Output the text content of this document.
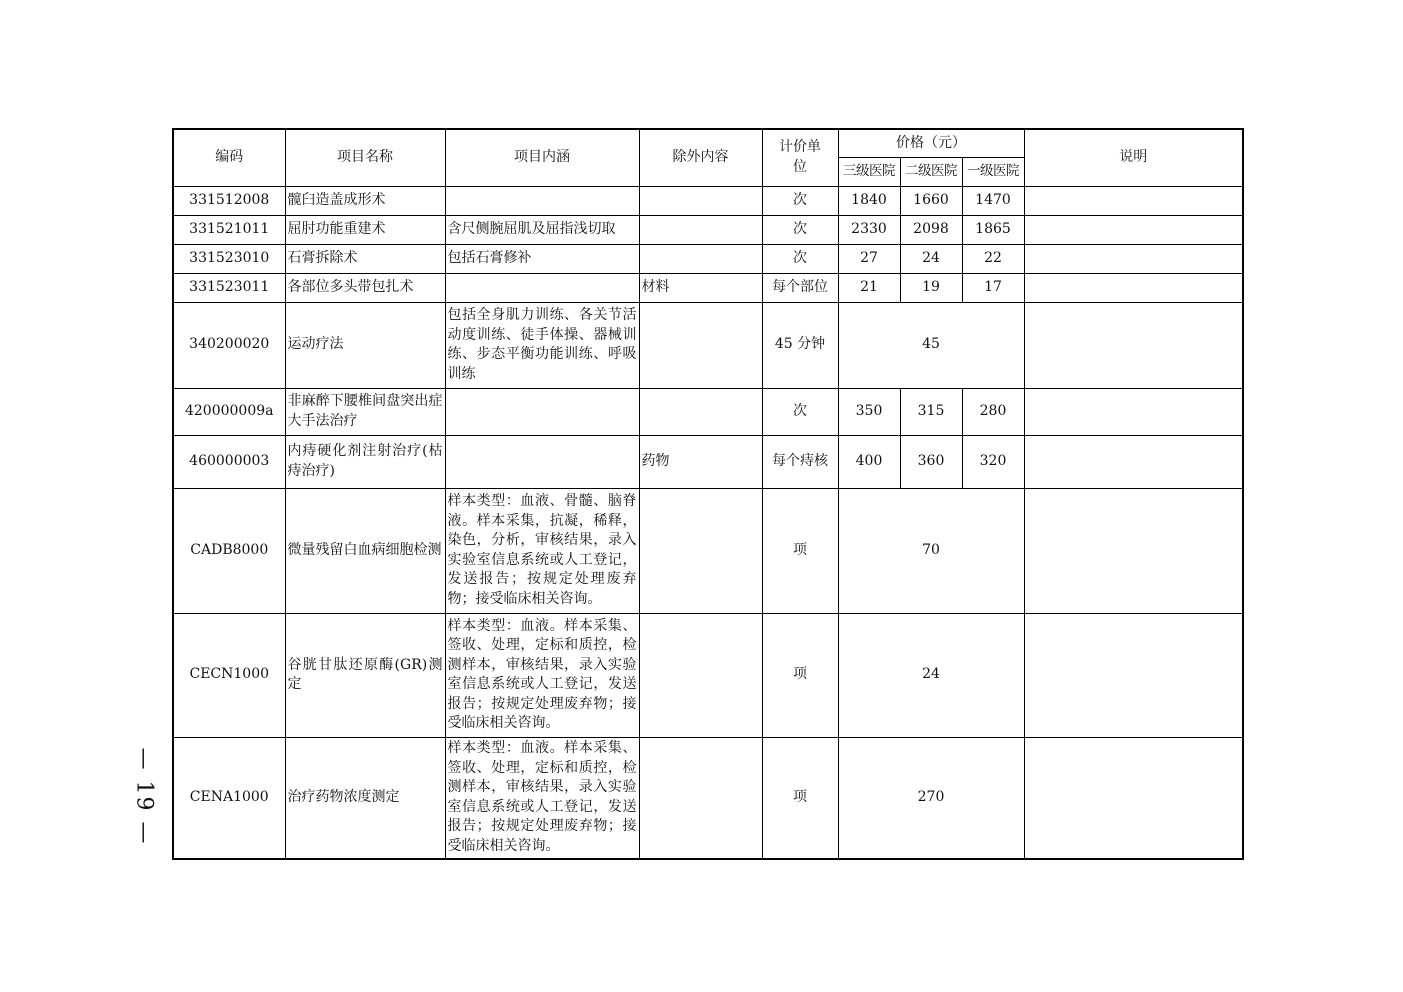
— 19 —
编码	项目名称	项目内涵	除外内容	计价单位	价格（元）			说明
					三级医院	二级医院	一级医院	
331512008	髋臼造盖成形术			次	1840	1660	1470	
331521011	屈肘功能重建术	含尺侧腕屈肌及屈指浅切取		次	2330	2098	1865	
331523010	石膏拆除术	包括石膏修补		次	27	24	22	
331523011	各部位多头带包扎术		材料	每个部位	21	19	17	
340200020	运动疗法	包括全身肌力训练、各关节活动度训练、徒手体操、器械训练、步态平衡功能训练、呼吸训练		45 分钟	45			
420000009a	非麻醉下腰椎间盘突出症大手法治疗			次	350	315	280	
460000003	内痔硬化剂注射治疗(枯痔治疗)		药物	每个痔核	400	360	320	
CADB8000	微量残留白血病细胞检测	样本类型：血液、骨髓、脑脊液。样本采集，抗凝，稀释，染色，分析，审核结果，录入实验室信息系统或人工登记，发送报告；按规定处理废弃物；接受临床相关咨询。		项	70			
CECN1000	谷胱甘肽还原酶(GR)测定	样本类型：血液。样本采集、签收、处理，定标和质控，检测样本，审核结果，录入实验室信息系统或人工登记，发送报告；按规定处理废弃物；接受临床相关咨询。		项	24			
CENA1000	治疗药物浓度测定	样本类型：血液。样本采集、签收、处理，定标和质控，检测样本，审核结果，录入实验室信息系统或人工登记，发送报告；按规定处理废弃物；接受临床相关咨询。		项	270			
